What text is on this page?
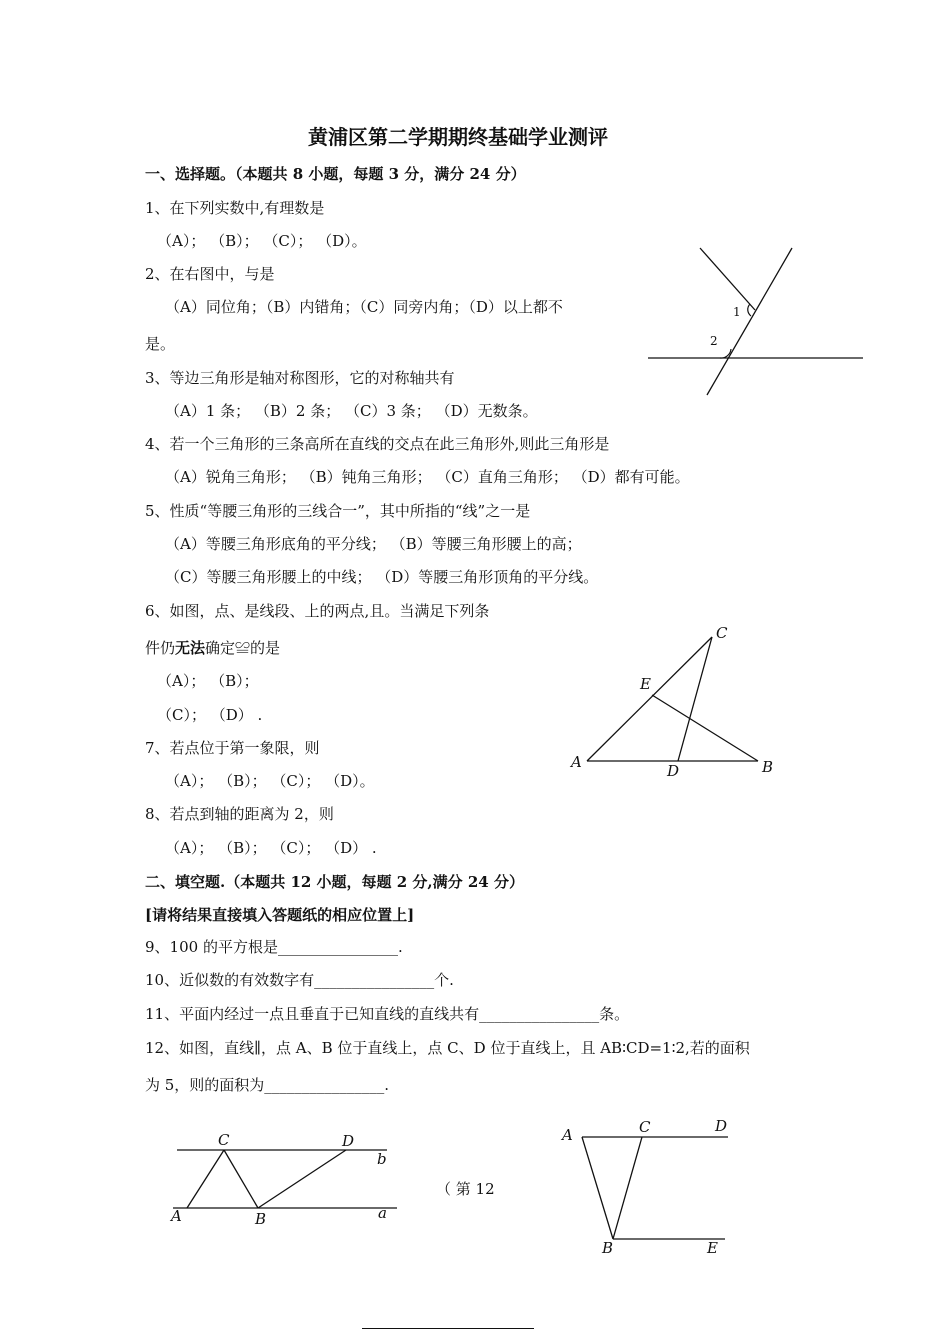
黄浦区第二学期期终基础学业测评
一、选择题。（本题共 8 小题，每题 3 分，满分 24 分）
1、在下列实数中,有理数是
（A）； （B）； （C）； （D）。
2、在右图中，与是
（A）同位角；（B）内错角；（C）同旁内角；（D）以上都不
是。
3、等边三角形是轴对称图形，它的对称轴共有
（A）1 条； （B）2 条； （C）3 条； （D）无数条。
4、若一个三角形的三条高所在直线的交点在此三角形外,则此三角形是
（A）锐角三角形； （B）钝角三角形； （C）直角三角形； （D）都有可能。
5、性质“等腰三角形的三线合一”，其中所指的“线”之一是
（A）等腰三角形底角的平分线； （B）等腰三角形腰上的高；
（C）等腰三角形腰上的中线； （D）等腰三角形顶角的平分线。
6、如图，点、是线段、上的两点,且。当满足下列条
件仍无法确定≌的是
（A）； （B）；
（C）； （D） .
7、若点位于第一象限，则
（A）； （B）； （C）； （D）。
8、若点到轴的距离为 2，则
（A）； （B）； （C）； （D） .
二、填空题.（本题共 12 小题，每题 2 分,满分 24 分）
[请将结果直接填入答题纸的相应位置上]
9、100 的平方根是________________.
10、近似数的有效数字有________________个.
11、平面内经过一点且垂直于已知直线的直线共有________________条。
12、如图，直线∥，点 A、B 位于直线上，点 C、D 位于直线上，且 AB∶CD=1∶2,若的面积
为 5，则的面积为________________.
（ 第 12
1
2
A	B
C
D
E
C	D
b
A	B	a
A	C	D
B	E
